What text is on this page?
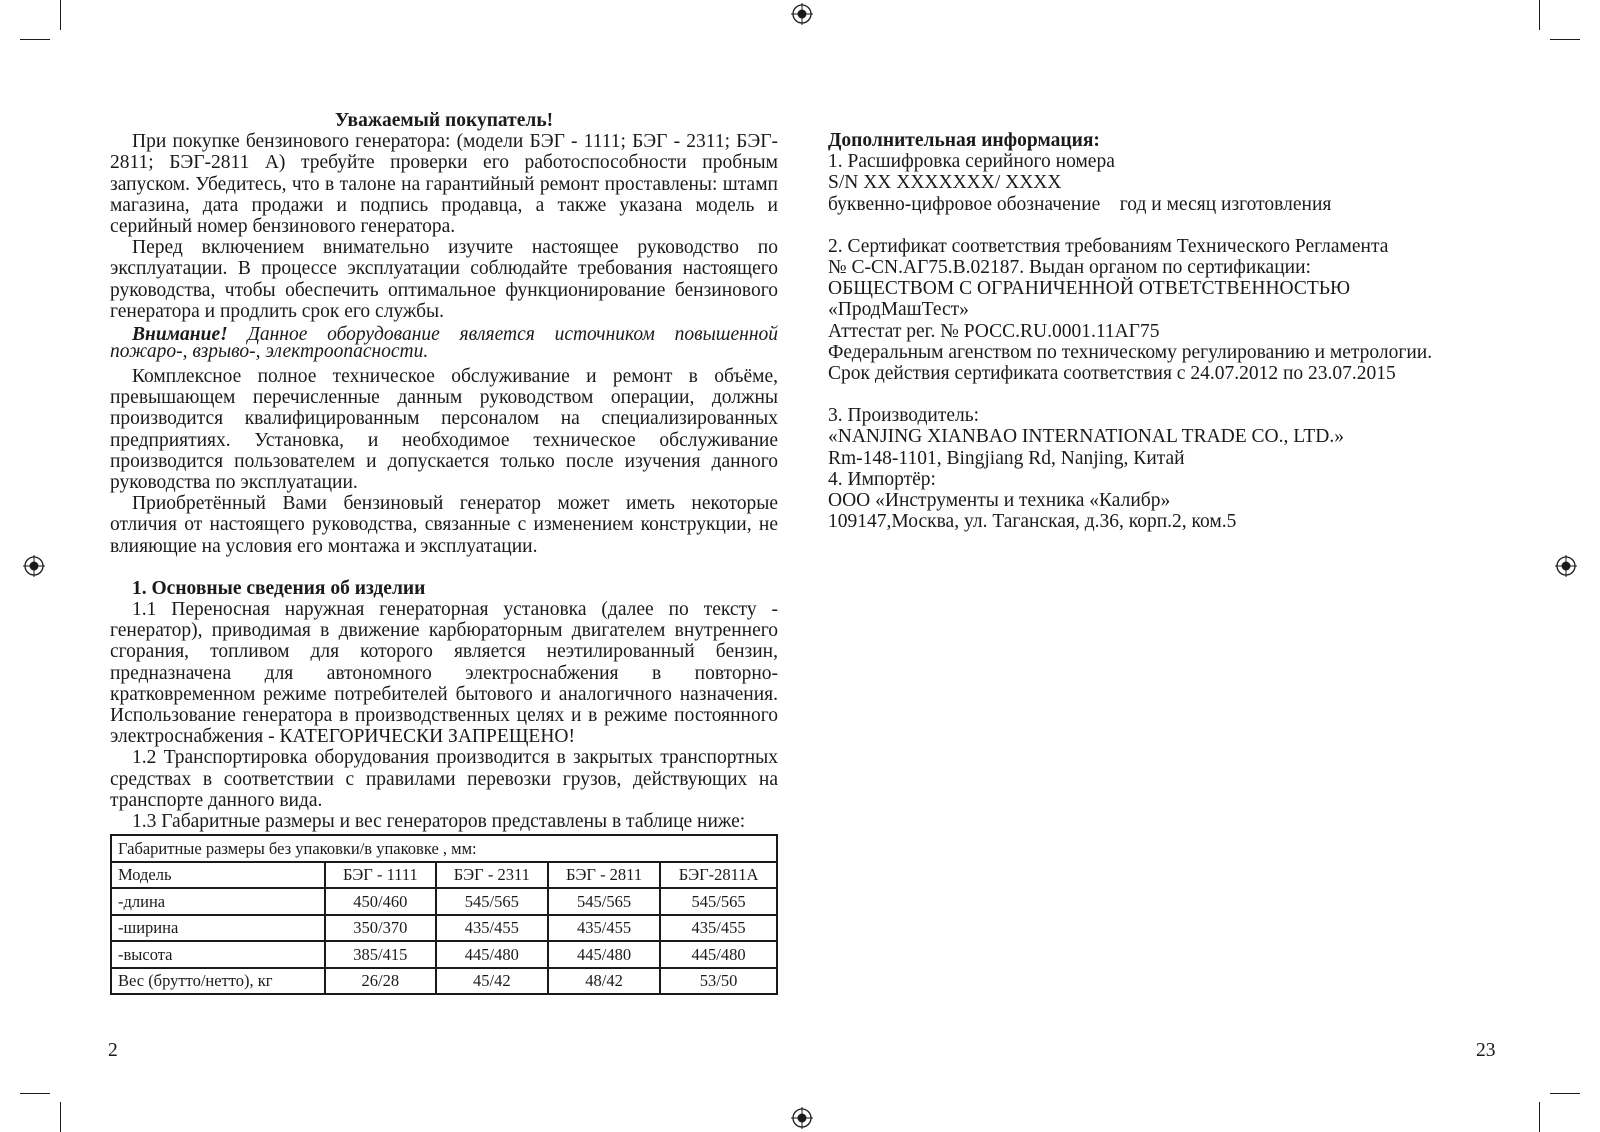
Уважаемый покупатель!

При покупке бензинового генератора: (модели БЭГ - 1111; БЭГ - 2311; БЭГ- 2811; БЭГ-2811 А) требуйте проверки его работоспособности пробным запуском. Убедитесь, что в талоне на гарантийный ремонт проставлены: штамп магазина, дата продажи и подпись продавца, а также указана модель и серийный номер бензинового генератора.

Перед включением внимательно изучите настоящее руководство по эксплуатации. В процессе эксплуатации соблюдайте требования настоящего руководства, чтобы обеспечить оптимальное функционирование бензинового генератора и продлить срок его службы.

Внимание! Данное оборудование является источником повышенной пожаро-, взрыво-, электроопасности.

Комплексное полное техническое обслуживание и ремонт в объёме, превышающем перечисленные данным руководством операции, должны производится квалифицированным персоналом на специализированных предприятиях. Установка, и необходимое техническое обслуживание производится пользователем и допускается только после изучения данного руководства по эксплуатации.

Приобретённый Вами бензиновый генератор может иметь некоторые отличия от настоящего руководства, связанные с изменением конструкции, не влияющие на условия его монтажа и эксплуатации.

1. Основные сведения об изделии

1.1 Переносная наружная генераторная установка (далее по тексту - генератор), приводимая в движение карбюраторным двигателем внутреннего сгорания, топливом для которого является неэтилированный бензин, предназначена для автономного электроснабжения в повторно-кратковременном режиме потребителей бытового и аналогичного назначения. Использование генератора в производственных целях и в режиме постоянного электроснабжения - КАТЕГОРИЧЕСКИ ЗАПРЕЩЕНО!

1.2 Транспортировка оборудования производится в закрытых транспортных средствах в соответствии с правилами перевозки грузов, действующих на транспорте данного вида.

1.3 Габаритные размеры и вес генераторов представлены в таблице ниже:

Габаритные размеры без упаковки/в упаковке , мм:				
Модель	БЭГ - 1111	БЭГ - 2311	БЭГ - 2811	БЭГ-2811А
-длина	450/460	545/565	545/565	545/565
-ширина	350/370	435/455	435/455	435/455
-высота	385/415	445/480	445/480	445/480
Вес (брутто/нетто), кг	26/28	45/42	48/42	53/50
2
Дополнительная информация:
1. Расшифровка серийного номера
S/N XX XXXXXXX/ XXXX
буквенно-цифровое обозначение    год и месяц изготовления
2. Сертификат соответствия требованиям Технического Регламента
№ C-CN.АГ75.В.02187. Выдан органом по сертификации:
ОБЩЕСТВОМ С ОГРАНИЧЕННОЙ ОТВЕТСТВЕННОСТЬЮ
«ПродМашТест»
Аттестат рег. № РОСС.RU.0001.11АГ75
Федеральным агенством по техническому регулированию и метрологии.
Срок действия сертификата соответствия с 24.07.2012 по 23.07.2015
3. Производитель:
«NANJING XIANBAO INTERNATIONAL TRADE CO., LTD.»
Rm-148-1101, Bingjiang Rd, Nanjing, Китай
4. Импортёр:
ООО «Инструменты и техника «Калибр»
109147,Москва, ул. Таганская, д.36, корп.2, ком.5
23
